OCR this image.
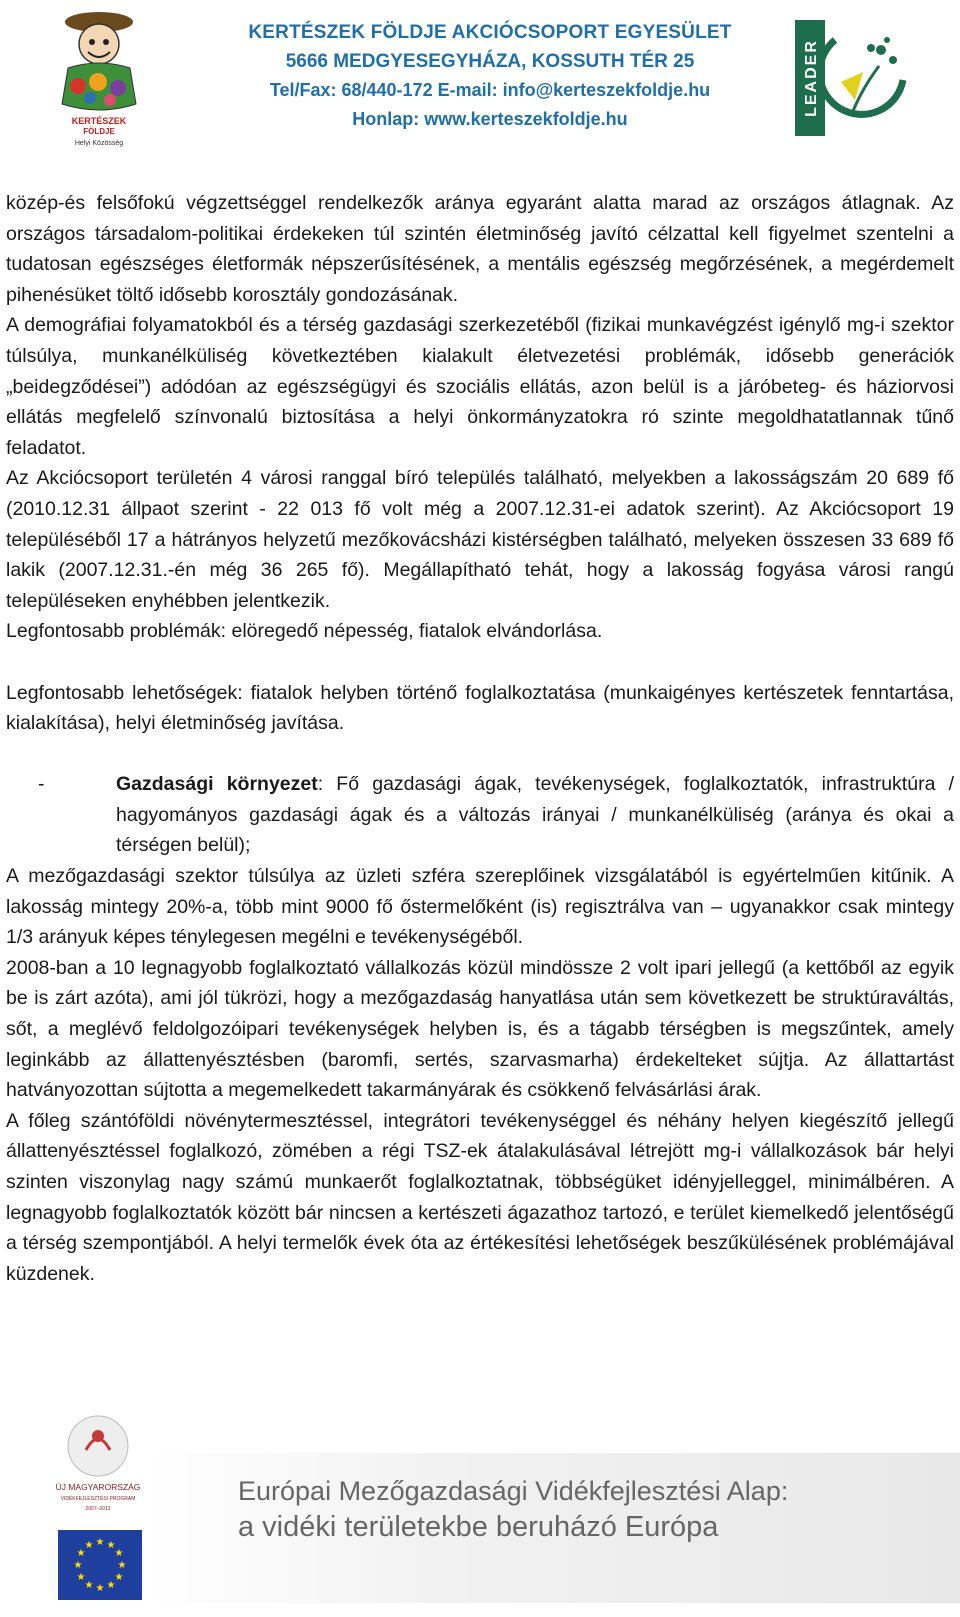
KERTÉSZEK
FÖLDJE
Helyi Közösség
KERTÉSZEK FÖLDJE AKCIÓCSOPORT EGYESÜLET
5666 MEDGYESEGYHÁZA, KOSSUTH TÉR 25
Tel/Fax: 68/440-172 E-mail: info@kerteszekfoldje.hu
Honlap: www.kerteszekfoldje.hu
LEADER

közép-és felsőfokú végzettséggel rendelkezők aránya egyaránt alatta marad az országos átlagnak. Az országos társadalom-politikai érdekeken túl szintén életminőség javító célzattal kell figyelmet szentelni a tudatosan egészséges életformák népszerűsítésének, a mentális egészség megőrzésének, a megérdemelt pihenésüket töltő idősebb korosztály gondozásának.

A demográfiai folyamatokból és a térség gazdasági szerkezetéből (fizikai munkavégzést igénylő mg-i szektor túlsúlya, munkanélküliség következtében kialakult életvezetési problémák, idősebb generációk „beidegződései”) adódóan az egészségügyi és szociális ellátás, azon belül is a járóbeteg- és háziorvosi ellátás megfelelő színvonalú biztosítása a helyi önkormányzatokra ró szinte megoldhatatlannak tűnő feladatot.

Az Akciócsoport területén 4 városi ranggal bíró település található, melyekben a lakosságszám 20 689 fő (2010.12.31 állpaot szerint - 22 013 fő volt még a 2007.12.31-ei adatok szerint). Az Akciócsoport 19 településéből 17 a hátrányos helyzetű mezőkovácsházi kistérségben található, melyeken összesen 33 689 fő lakik (2007.12.31.-én még 36 265 fő). Megállapítható tehát, hogy a lakosság fogyása városi rangú településeken enyhébben jelentkezik.

Legfontosabb problémák: elöregedő népesség, fiatalok elvándorlása.

Legfontosabb lehetőségek: fiatalok helyben történő foglalkoztatása (munkaigényes kertészetek fenntartása, kialakítása), helyi életminőség javítása.

-	Gazdasági környezet: Fő gazdasági ágak, tevékenységek, foglalkoztatók, infrastruktúra / hagyományos gazdasági ágak és a változás irányai / munkanélküliség (aránya és okai a térségen belül);

A mezőgazdasági szektor túlsúlya az üzleti szféra szereplőinek vizsgálatából is egyértelműen kitűnik. A lakosság mintegy 20%-a, több mint 9000 fő őstermelőként (is) regisztrálva van – ugyanakkor csak mintegy 1/3 arányuk képes ténylegesen megélni e tevékenységéből.

2008-ban a 10 legnagyobb foglalkoztató vállalkozás közül mindössze 2 volt ipari jellegű (a kettőből az egyik be is zárt azóta), ami jól tükrözi, hogy a mezőgazdaság hanyatlása után sem következett be struktúraváltás, sőt, a meglévő feldolgozóipari tevékenységek helyben is, és a tágabb térségben is megszűntek, amely leginkább az állattenyésztésben (baromfi, sertés, szarvasmarha) érdekelteket sújtja. Az állattartást hatványozottan sújtotta a megemelkedett takarmányárak és csökkenő felvásárlási árak.

A főleg szántóföldi növénytermesztéssel, integrátori tevékenységgel és néhány helyen kiegészítő jellegű állattenyésztéssel foglalkozó, zömében a régi TSZ-ek átalakulásával létrejött mg-i vállalkozások bár helyi szinten viszonylag nagy számú munkaerőt foglalkoztatnak, többségüket idényjelleggel, minimálbéren. A legnagyobb foglalkoztatók között bár nincsen a kertészeti ágazathoz tartozó, e terület kiemelkedő jelentőségű a térség szempontjából. A helyi termelők évek óta az értékesítési lehetőségek beszűkülésének problémájával küzdenek.

ÚJ MAGYARORSZÁG
VIDÉKFEJLESZTÉSI PROGRAM
2007–2013
★ ★
★
★
★
★
★
★
★
★
★
★
Európai Mezőgazdasági Vidékfejlesztési Alap:
a vidéki területekbe beruházó Európa
